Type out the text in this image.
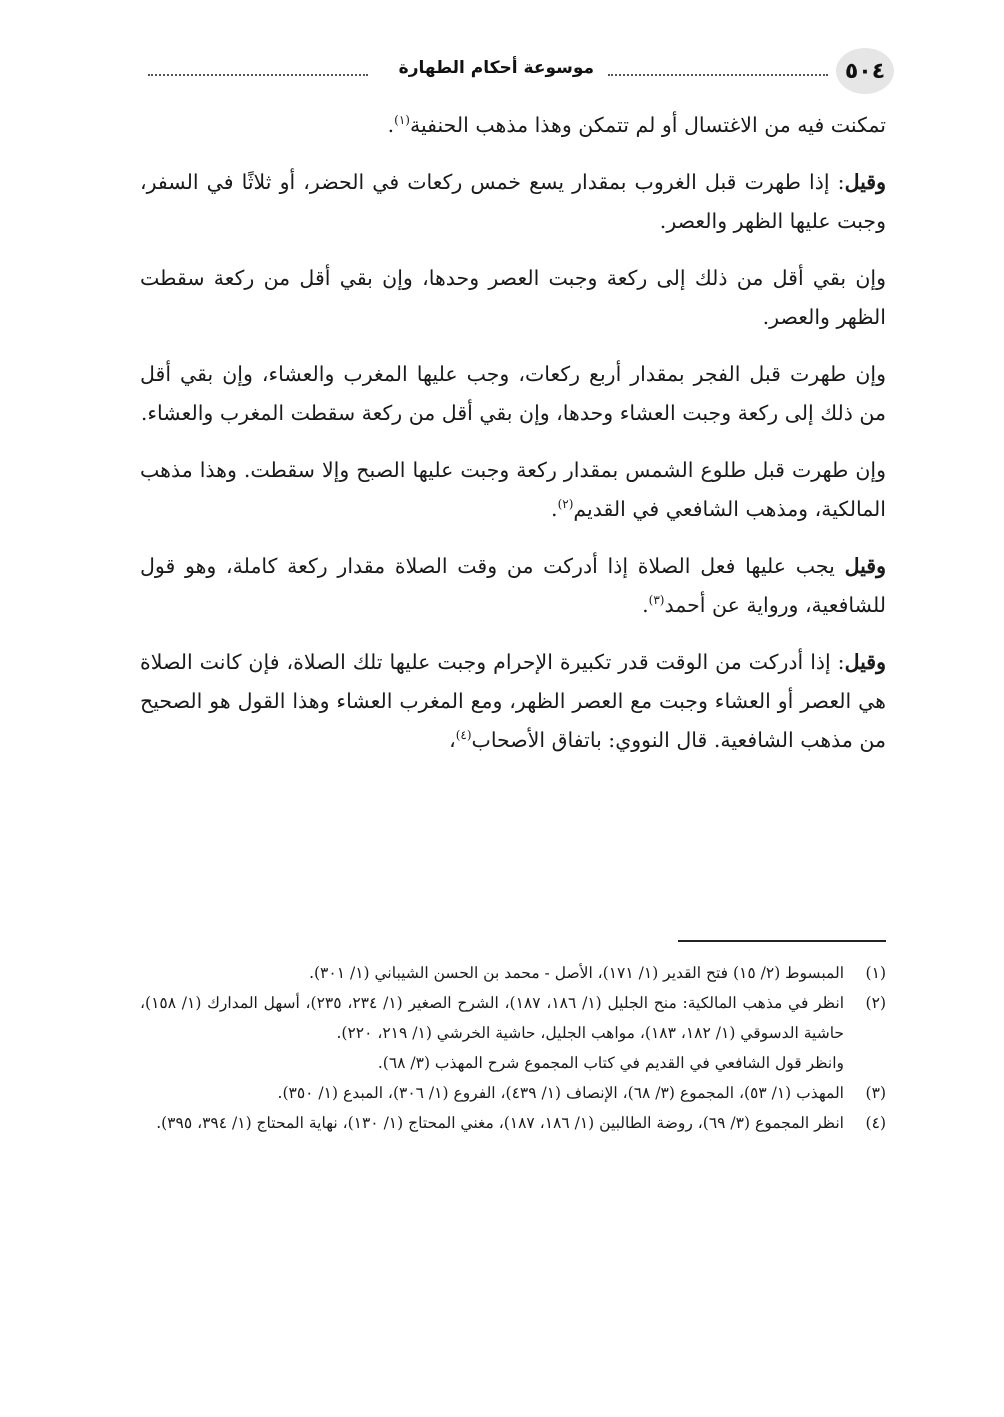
٥٠٤
موسوعة أحكام الطهارة

تمكنت فيه من الاغتسال أو لم تتمكن وهذا مذهب الحنفية$^{(١)}$.

وقيل: إذا طهرت قبل الغروب بمقدار يسع خمس ركعات في الحضر، أو ثلاثًا في السفر، وجبت عليها الظهر والعصر.

وإن بقي أقل من ذلك إلى ركعة وجبت العصر وحدها، وإن بقي أقل من ركعة سقطت الظهر والعصر.

وإن طهرت قبل الفجر بمقدار أربع ركعات، وجب عليها المغرب والعشاء، وإن بقي أقل من ذلك إلى ركعة وجبت العشاء وحدها، وإن بقي أقل من ركعة سقطت المغرب والعشاء.

وإن طهرت قبل طلوع الشمس بمقدار ركعة وجبت عليها الصبح وإلا سقطت. وهذا مذهب المالكية، ومذهب الشافعي في القديم$^{(٢)}$.

وقيل يجب عليها فعل الصلاة إذا أدركت من وقت الصلاة مقدار ركعة كاملة، وهو قول للشافعية، ورواية عن أحمد$^{(٣)}$.

وقيل: إذا أدركت من الوقت قدر تكبيرة الإحرام وجبت عليها تلك الصلاة، فإن كانت الصلاة هي العصر أو العشاء وجبت مع العصر الظهر، ومع المغرب العشاء وهذا القول هو الصحيح من مذهب الشافعية. قال النووي: باتفاق الأصحاب$^{(٤)}$،

(١)
المبسوط (٢/ ١٥) فتح القدير (١/ ١٧١)، الأصل - محمد بن الحسن الشيباني (١/ ٣٠١).
(٢)
انظر في مذهب المالكية: منح الجليل (١/ ١٨٦، ١٨٧)، الشرح الصغير (١/ ٢٣٤، ٢٣٥)، أسهل المدارك (١/ ١٥٨)، حاشية الدسوقي (١/ ١٨٢، ١٨٣)، مواهب الجليل، حاشية الخرشي (١/ ٢١٩، ٢٢٠).
وانظر قول الشافعي في القديم في كتاب المجموع شرح المهذب (٣/ ٦٨).
(٣)
المهذب (١/ ٥٣)، المجموع (٣/ ٦٨)، الإنصاف (١/ ٤٣٩)، الفروع (١/ ٣٠٦)، المبدع (١/ ٣٥٠).
(٤)
انظر المجموع (٣/ ٦٩)، روضة الطالبين (١/ ١٨٦، ١٨٧)، مغني المحتاج (١/ ١٣٠)، نهاية المحتاج (١/ ٣٩٤، ٣٩٥).
